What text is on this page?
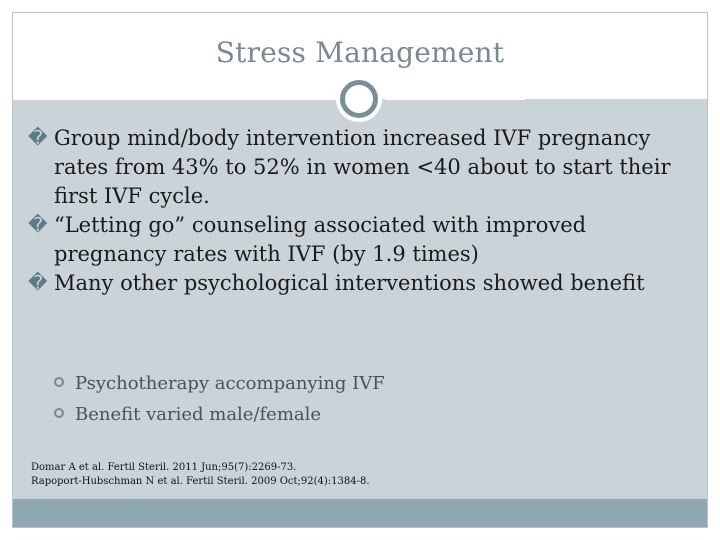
Stress Management
� Group mind/body intervention increased IVF pregnancy rates from 43% to 52% in women <40 about to start their first IVF cycle.
� “Letting go” counseling associated with improved pregnancy rates with IVF (by 1.9 times)
� Many other psychological interventions showed benefit
Psychotherapy accompanying IVF
Benefit varied male/female
Domar A et al. Fertil Steril. 2011 Jun;95(7):2269-73.
Rapoport-Hubschman N et al. Fertil Steril. 2009 Oct;92(4):1384-8.
